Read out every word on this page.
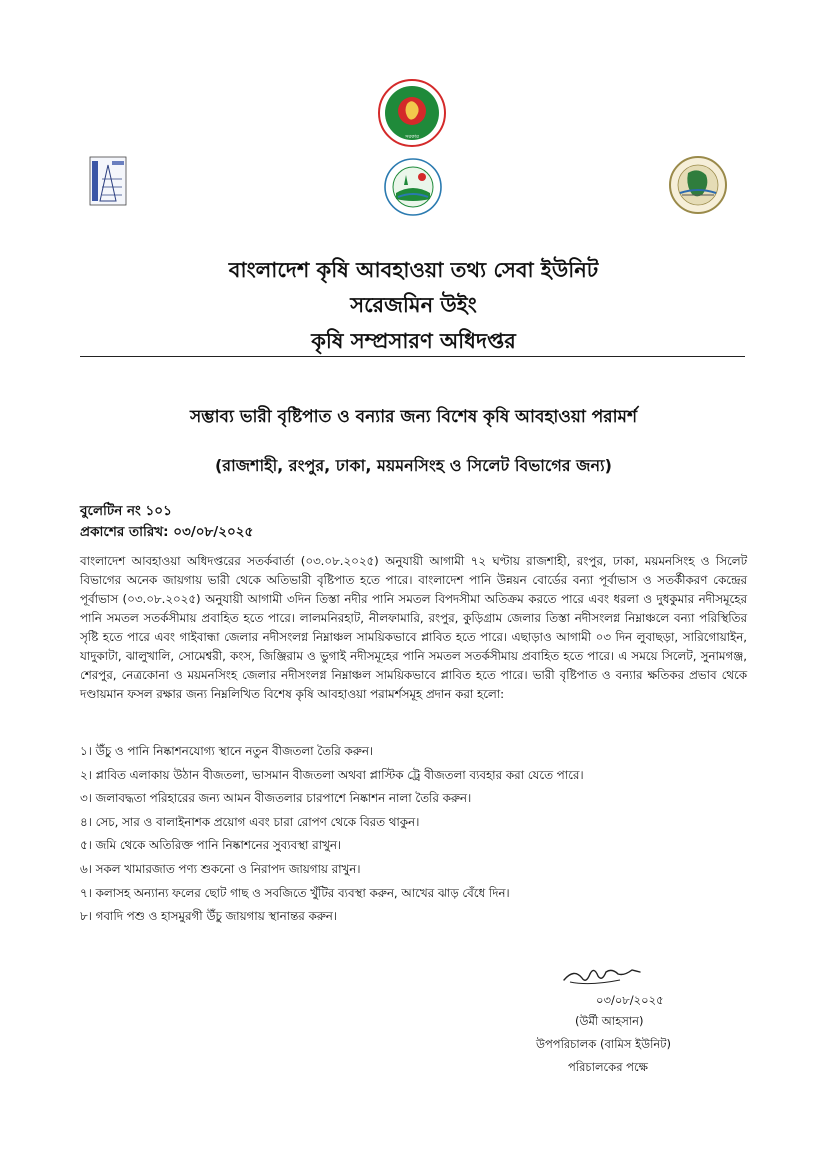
সরকার
বাংলাদেশ কৃষি আবহাওয়া তথ্য সেবা ইউনিট
সরেজমিন উইং
কৃষি সম্প্রসারণ অধিদপ্তর
সম্ভাব্য ভারী বৃষ্টিপাত ও বন্যার জন্য বিশেষ কৃষি আবহাওয়া পরামর্শ
(রাজশাহী, রংপুর, ঢাকা, ময়মনসিংহ ও সিলেট বিভাগের জন্য)
বুলেটিন নং ১০১
প্রকাশের তারিখ: ০৩/০৮/২০২৫
বাংলাদেশ আবহাওয়া অধিদপ্তরের সতর্কবার্তা (০৩.০৮.২০২৫) অনুযায়ী আগামী ৭২ ঘণ্টায় রাজশাহী, রংপুর, ঢাকা, ময়মনসিংহ ও সিলেট বিভাগের অনেক জায়গায় ভারী থেকে অতিভারী বৃষ্টিপাত হতে পারে। বাংলাদেশ পানি উন্নয়ন বোর্ডের বন্যা পূর্বাভাস ও সতর্কীকরণ কেন্দ্রের পূর্বাভাস (০৩.০৮.২০২৫) অনুযায়ী আগামী ৩দিন তিস্তা নদীর পানি সমতল বিপদসীমা অতিক্রম করতে পারে এবং ধরলা ও দুধকুমার নদীসমূহের পানি সমতল সতর্কসীমায় প্রবাহিত হতে পারে। লালমনিরহাট, নীলফামারি, রংপুর, কুড়িগ্রাম জেলার তিস্তা নদীসংলগ্ন নিম্নাঞ্চলে বন্যা পরিস্থিতির সৃষ্টি হতে পারে এবং গাইবান্ধা জেলার নদীসংলগ্ন নিম্নাঞ্চল সাময়িকভাবে প্লাবিত হতে পারে। এছাড়াও আগামী ০৩ দিন লুবাছড়া, সারিগোয়াইন, যাদুকাটা, ঝালুখালি, সোমেশ্বরী, কংস, জিঞ্জিরাম ও ভুগাই নদীসমূহের পানি সমতল সতর্কসীমায় প্রবাহিত হতে পারে। এ সময়ে সিলেট, সুনামগঞ্জ, শেরপুর, নেত্রকোনা ও ময়মনসিংহ জেলার নদীসংলগ্ন নিম্নাঞ্চল সাময়িকভাবে প্লাবিত হতে পারে। ভারী বৃষ্টিপাত ও বন্যার ক্ষতিকর প্রভাব থেকে দণ্ডায়মান ফসল রক্ষার জন্য নিম্নলিখিত বিশেষ কৃষি আবহাওয়া পরামর্শসমূহ প্রদান করা হলো:
১। উঁচু ও পানি নিষ্কাশনযোগ্য স্থানে নতুন বীজতলা তৈরি করুন।
২। প্লাবিত এলাকায় উঠান বীজতলা, ভাসমান বীজতলা অথবা প্লাস্টিক ট্রে বীজতলা ব্যবহার করা যেতে পারে।
৩। জলাবদ্ধতা পরিহারের জন্য আমন বীজতলার চারপাশে নিষ্কাশন নালা তৈরি করুন।
৪। সেচ, সার ও বালাইনাশক প্রয়োগ এবং চারা রোপণ থেকে বিরত থাকুন।
৫। জমি থেকে অতিরিক্ত পানি নিষ্কাশনের সুব্যবস্থা রাখুন।
৬। সকল খামারজাত পণ্য শুকনো ও নিরাপদ জায়গায় রাখুন।
৭। কলাসহ অন্যান্য ফলের ছোট গাছ ও সবজিতে খুঁটির ব্যবস্থা করুন, আখের ঝাড় বেঁধে দিন।
৮। গবাদি পশু ও হাসমুরগী উঁচু জায়গায় স্থানান্তর করুন।
০৩/০৮/২০২৫
(উর্মী আহসান)
উপপরিচালক (বামিস ইউনিট)
পরিচালকের পক্ষে
